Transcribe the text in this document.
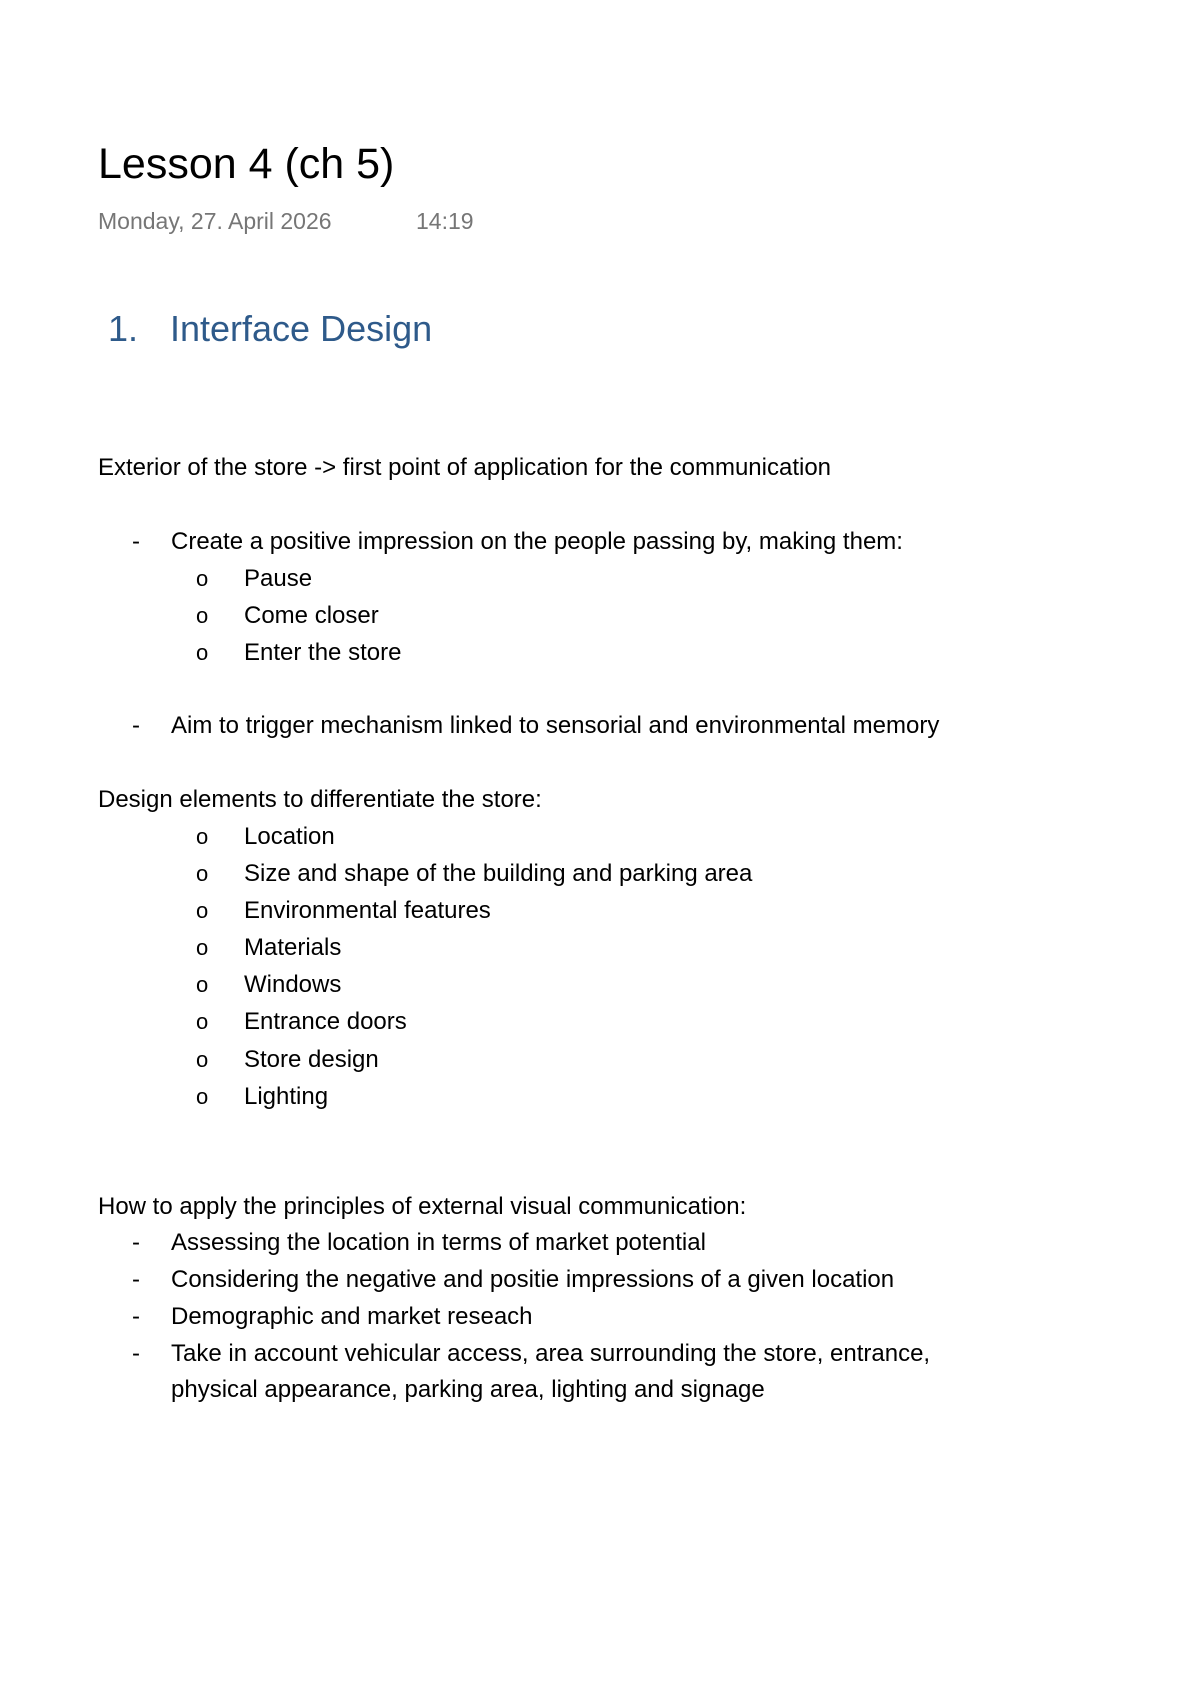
Lesson 4 (ch 5)
Monday, 27. April 2026	14:19
1. Interface Design
Exterior of the store -> first point of application for the communication
- Create a positive impression on the people passing by, making them:
o Pause
o Come closer
o Enter the store
- Aim to trigger mechanism linked to sensorial and environmental memory
Design elements to differentiate the store:
o Location
o Size and shape of the building and parking area
o Environmental features
o Materials
o Windows
o Entrance doors
o Store design
o Lighting
How to apply the principles of external visual communication:
- Assessing the location in terms of market potential
- Considering the negative and positie impressions of a given location
- Demographic and market reseach
- Take in account vehicular access, area surrounding the store, entrance,
physical appearance, parking area, lighting and signage
